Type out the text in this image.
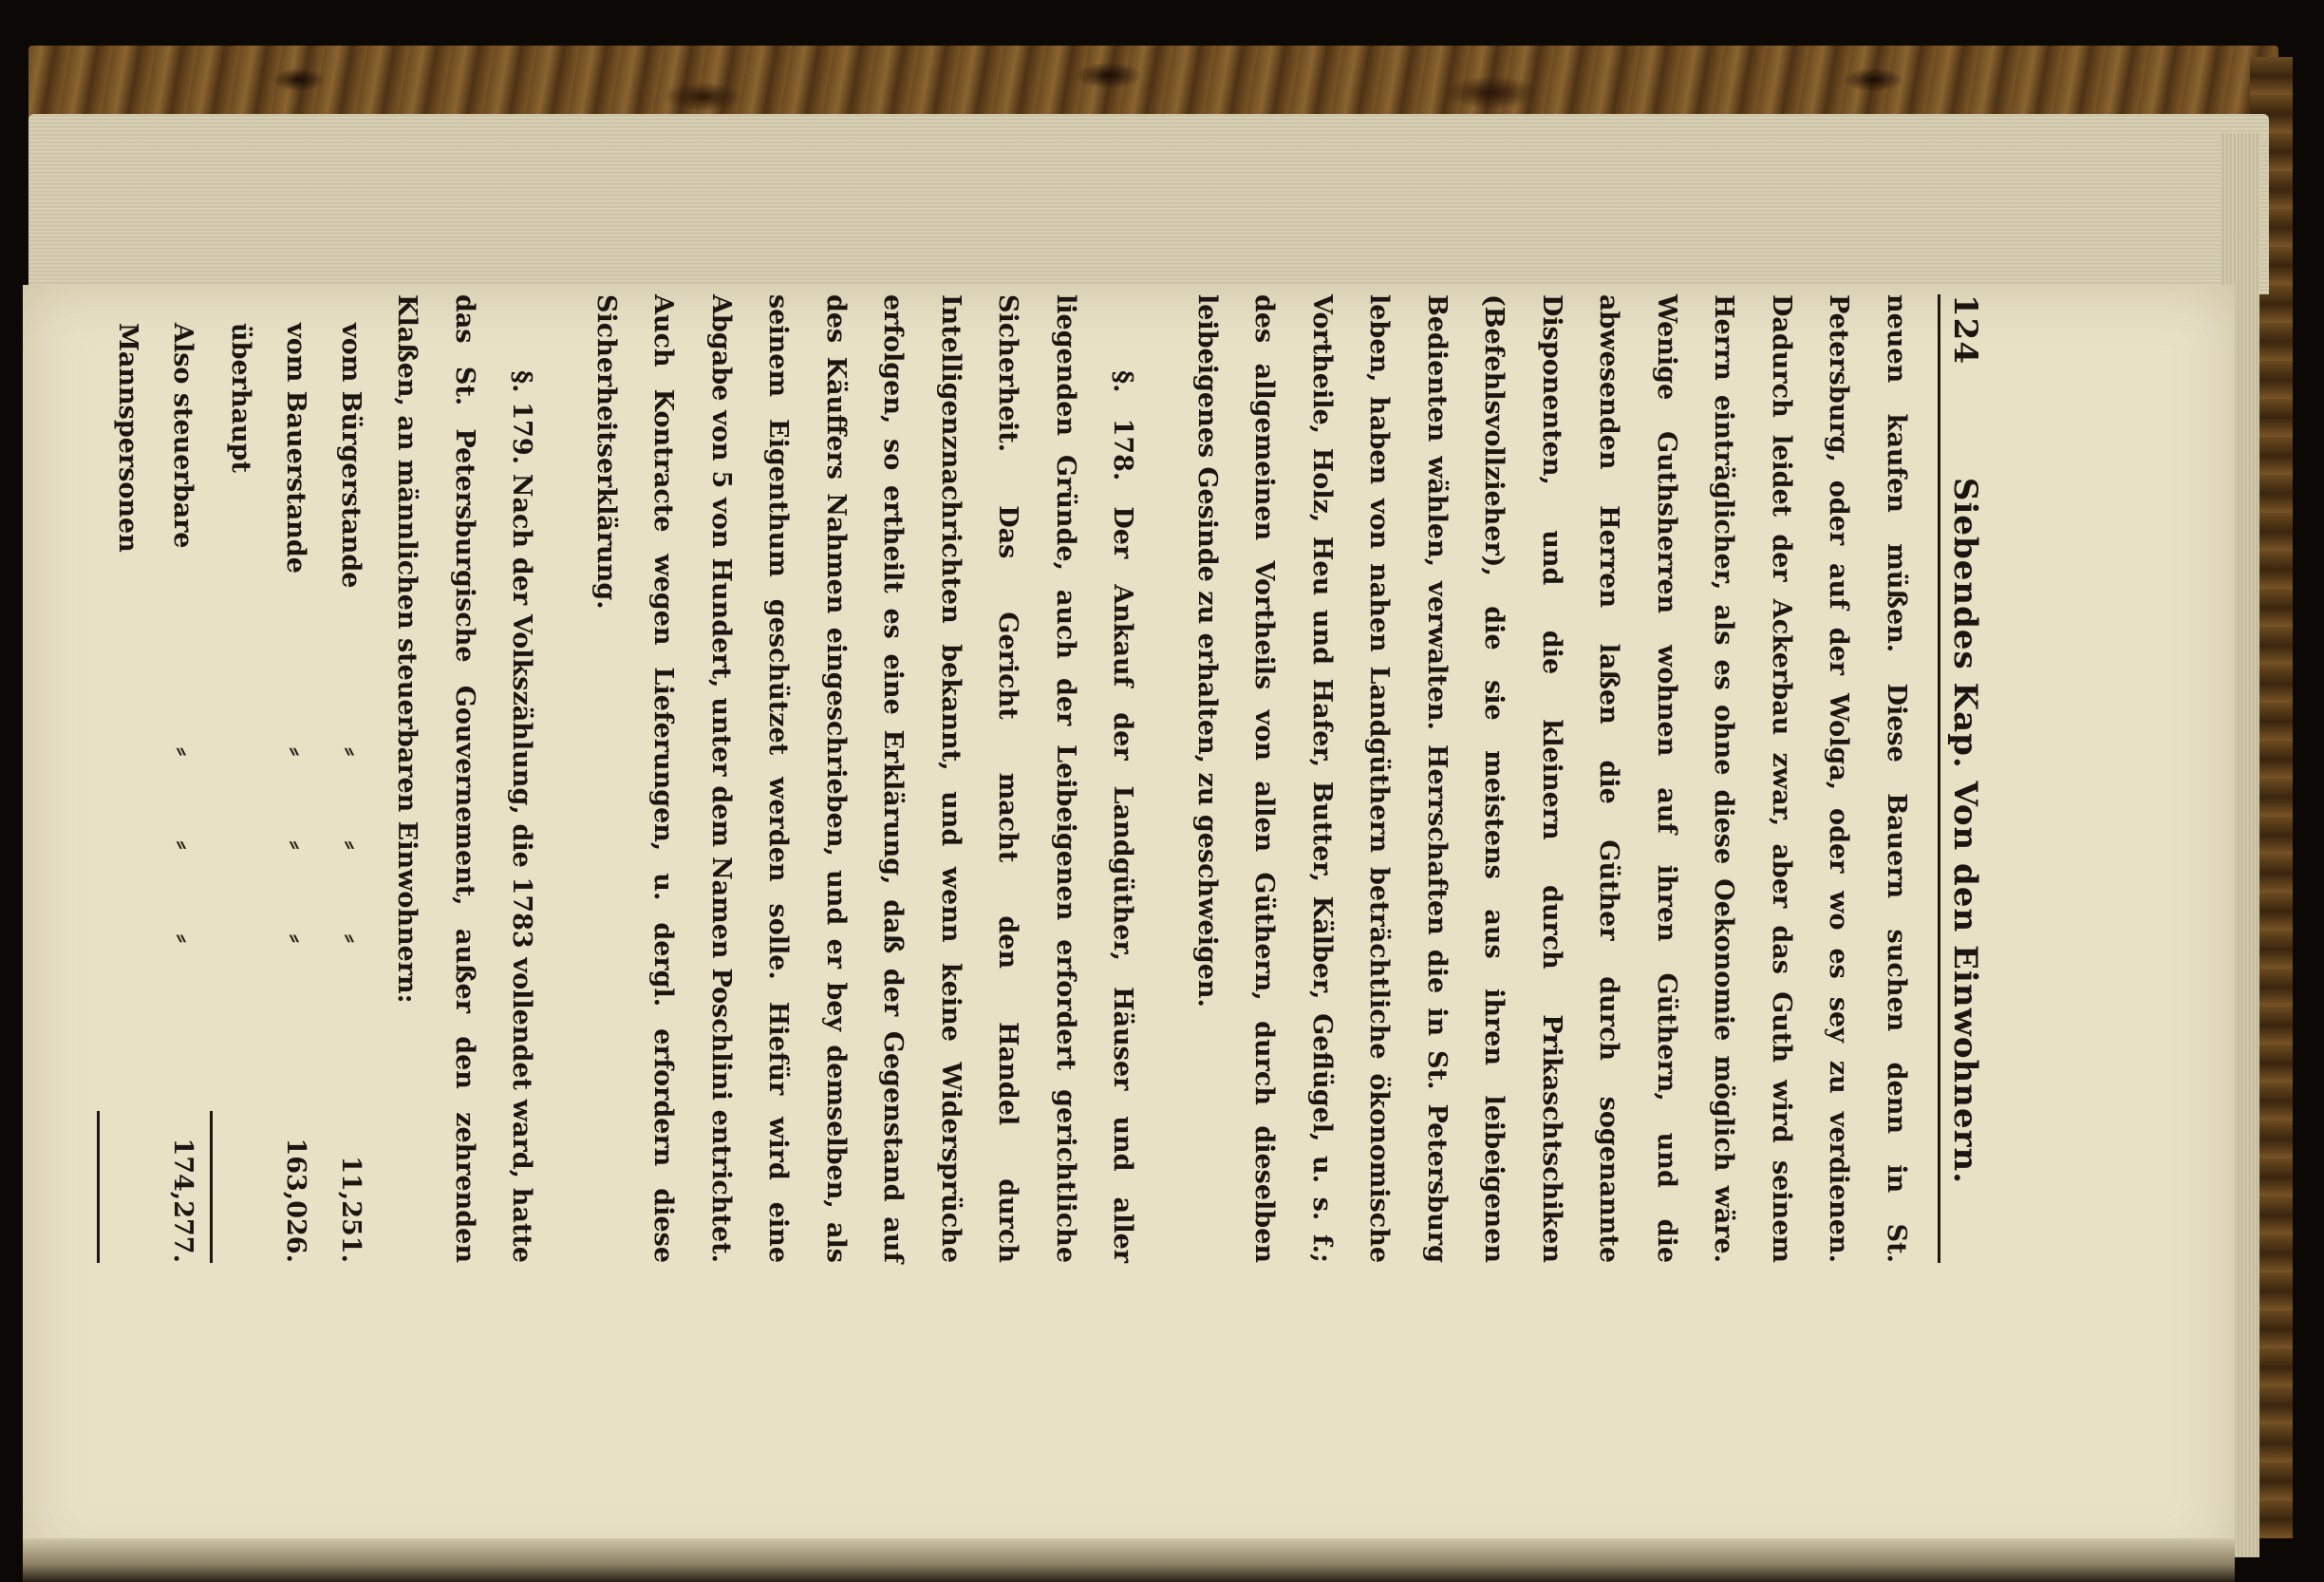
124
Siebendes Kap. Von den Einwohnern.

neuen kaufen müßen. Diese Bauern suchen denn in St. Petersburg, oder auf der Wolga, oder wo es sey zu verdienen. Dadurch leidet der Ackerbau zwar, aber das Guth wird seinem Herrn einträglicher, als es ohne diese Oekonomie möglich wäre. Wenige Guthsherren wohnen auf ihren Güthern, und die abwesenden Herren laßen die Güther durch sogenannte Disponenten, und die kleinern durch Prikaschtschiken (Befehlsvollzieher), die sie meistens aus ihren leibeigenen Bedienten wählen, verwalten. Herrschaften die in St. Petersburg leben, haben von nahen Landgüthern beträchtliche ökonomische Vortheile, Holz, Heu und Hafer, Butter, Kälber, Geflügel, u. s. f.; des allgemeinen Vortheils von allen Güthern, durch dieselben leibeigenes Gesinde zu erhalten, zu geschweigen.

§. 178. Der Ankauf der Landgüther, Häuser und aller liegenden Gründe, auch der Leibeigenen erfordert gerichtliche Sicherheit. Das Gericht macht den Handel durch Intelligenznachrichten bekannt, und wenn keine Widersprüche erfolgen, so ertheilt es eine Erklärung, daß der Gegenstand auf des Käuffers Nahmen eingeschrieben, und er bey demselben, als seinem Eigenthum geschützet werden solle. Hiefür wird eine Abgabe von 5 von Hundert, unter dem Namen Poschlini entrichtet. Auch Kontracte wegen Lieferungen, u. dergl. erfordern diese Sicherheitserklärung.

§. 179. Nach der Volkszählung, die 1783 vollendet ward, hatte das St. Petersburgische Gouvernement, außer den zehrenden Klaßen, an männlichen steuerbaren Einwohnern:

vom Bürgerstande
⸗ ⸗ ⸗
11,251.
vom Bauerstande überhaupt
⸗ ⸗ ⸗
163,026.
Also steuerbare Mannspersonen
⸗ ⸗ ⸗
174,277.
